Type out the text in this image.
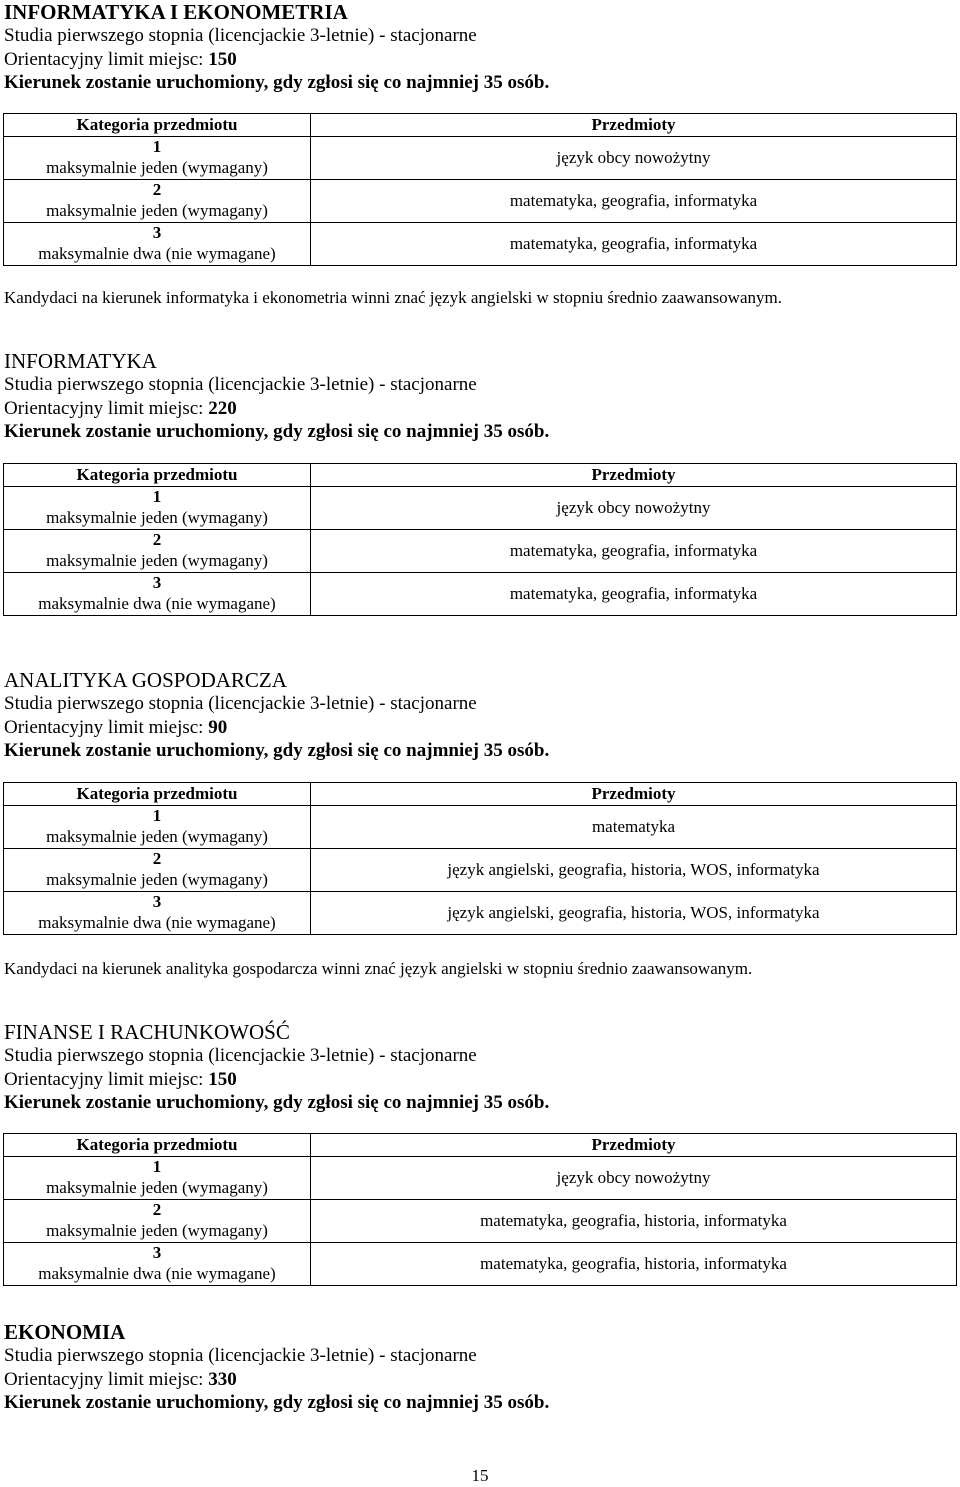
INFORMATYKA I EKONOMETRIA
Studia pierwszego stopnia (licencjackie 3-letnie) - stacjonarne
Orientacyjny limit miejsc: 150
Kierunek zostanie uruchomiony, gdy zgłosi się co najmniej 35 osób.
Kategoria przedmiotu	Przedmioty

1
maksymalnie jeden (wymagany)	język obcy nowożytny

2
maksymalnie jeden (wymagany)	matematyka, geografia, informatyka

3
maksymalnie dwa (nie wymagane)	matematyka, geografia, informatyka
Kandydaci na kierunek informatyka i ekonometria winni znać język angielski w stopniu średnio zaawansowanym.
INFORMATYKA
Studia pierwszego stopnia (licencjackie 3-letnie) - stacjonarne
Orientacyjny limit miejsc: 220
Kierunek zostanie uruchomiony, gdy zgłosi się co najmniej 35 osób.
Kategoria przedmiotu	Przedmioty

1
maksymalnie jeden (wymagany)	język obcy nowożytny

2
maksymalnie jeden (wymagany)	matematyka, geografia, informatyka

3
maksymalnie dwa (nie wymagane)	matematyka, geografia, informatyka
ANALITYKA GOSPODARCZA
Studia pierwszego stopnia (licencjackie 3-letnie) - stacjonarne
Orientacyjny limit miejsc: 90
Kierunek zostanie uruchomiony, gdy zgłosi się co najmniej 35 osób.
Kategoria przedmiotu	Przedmioty

1
maksymalnie jeden (wymagany)	matematyka

2
maksymalnie jeden (wymagany)	język angielski, geografia, historia, WOS, informatyka

3
maksymalnie dwa (nie wymagane)	język angielski, geografia, historia, WOS, informatyka
Kandydaci na kierunek analityka gospodarcza winni znać język angielski w stopniu średnio zaawansowanym.
FINANSE I RACHUNKOWOŚĆ
Studia pierwszego stopnia (licencjackie 3-letnie) - stacjonarne
Orientacyjny limit miejsc: 150
Kierunek zostanie uruchomiony, gdy zgłosi się co najmniej 35 osób.
Kategoria przedmiotu	Przedmioty

1
maksymalnie jeden (wymagany)	język obcy nowożytny

2
maksymalnie jeden (wymagany)	matematyka, geografia, historia, informatyka

3
maksymalnie dwa (nie wymagane)	matematyka, geografia, historia, informatyka
EKONOMIA
Studia pierwszego stopnia (licencjackie 3-letnie) - stacjonarne
Orientacyjny limit miejsc: 330
Kierunek zostanie uruchomiony, gdy zgłosi się co najmniej 35 osób.
15
